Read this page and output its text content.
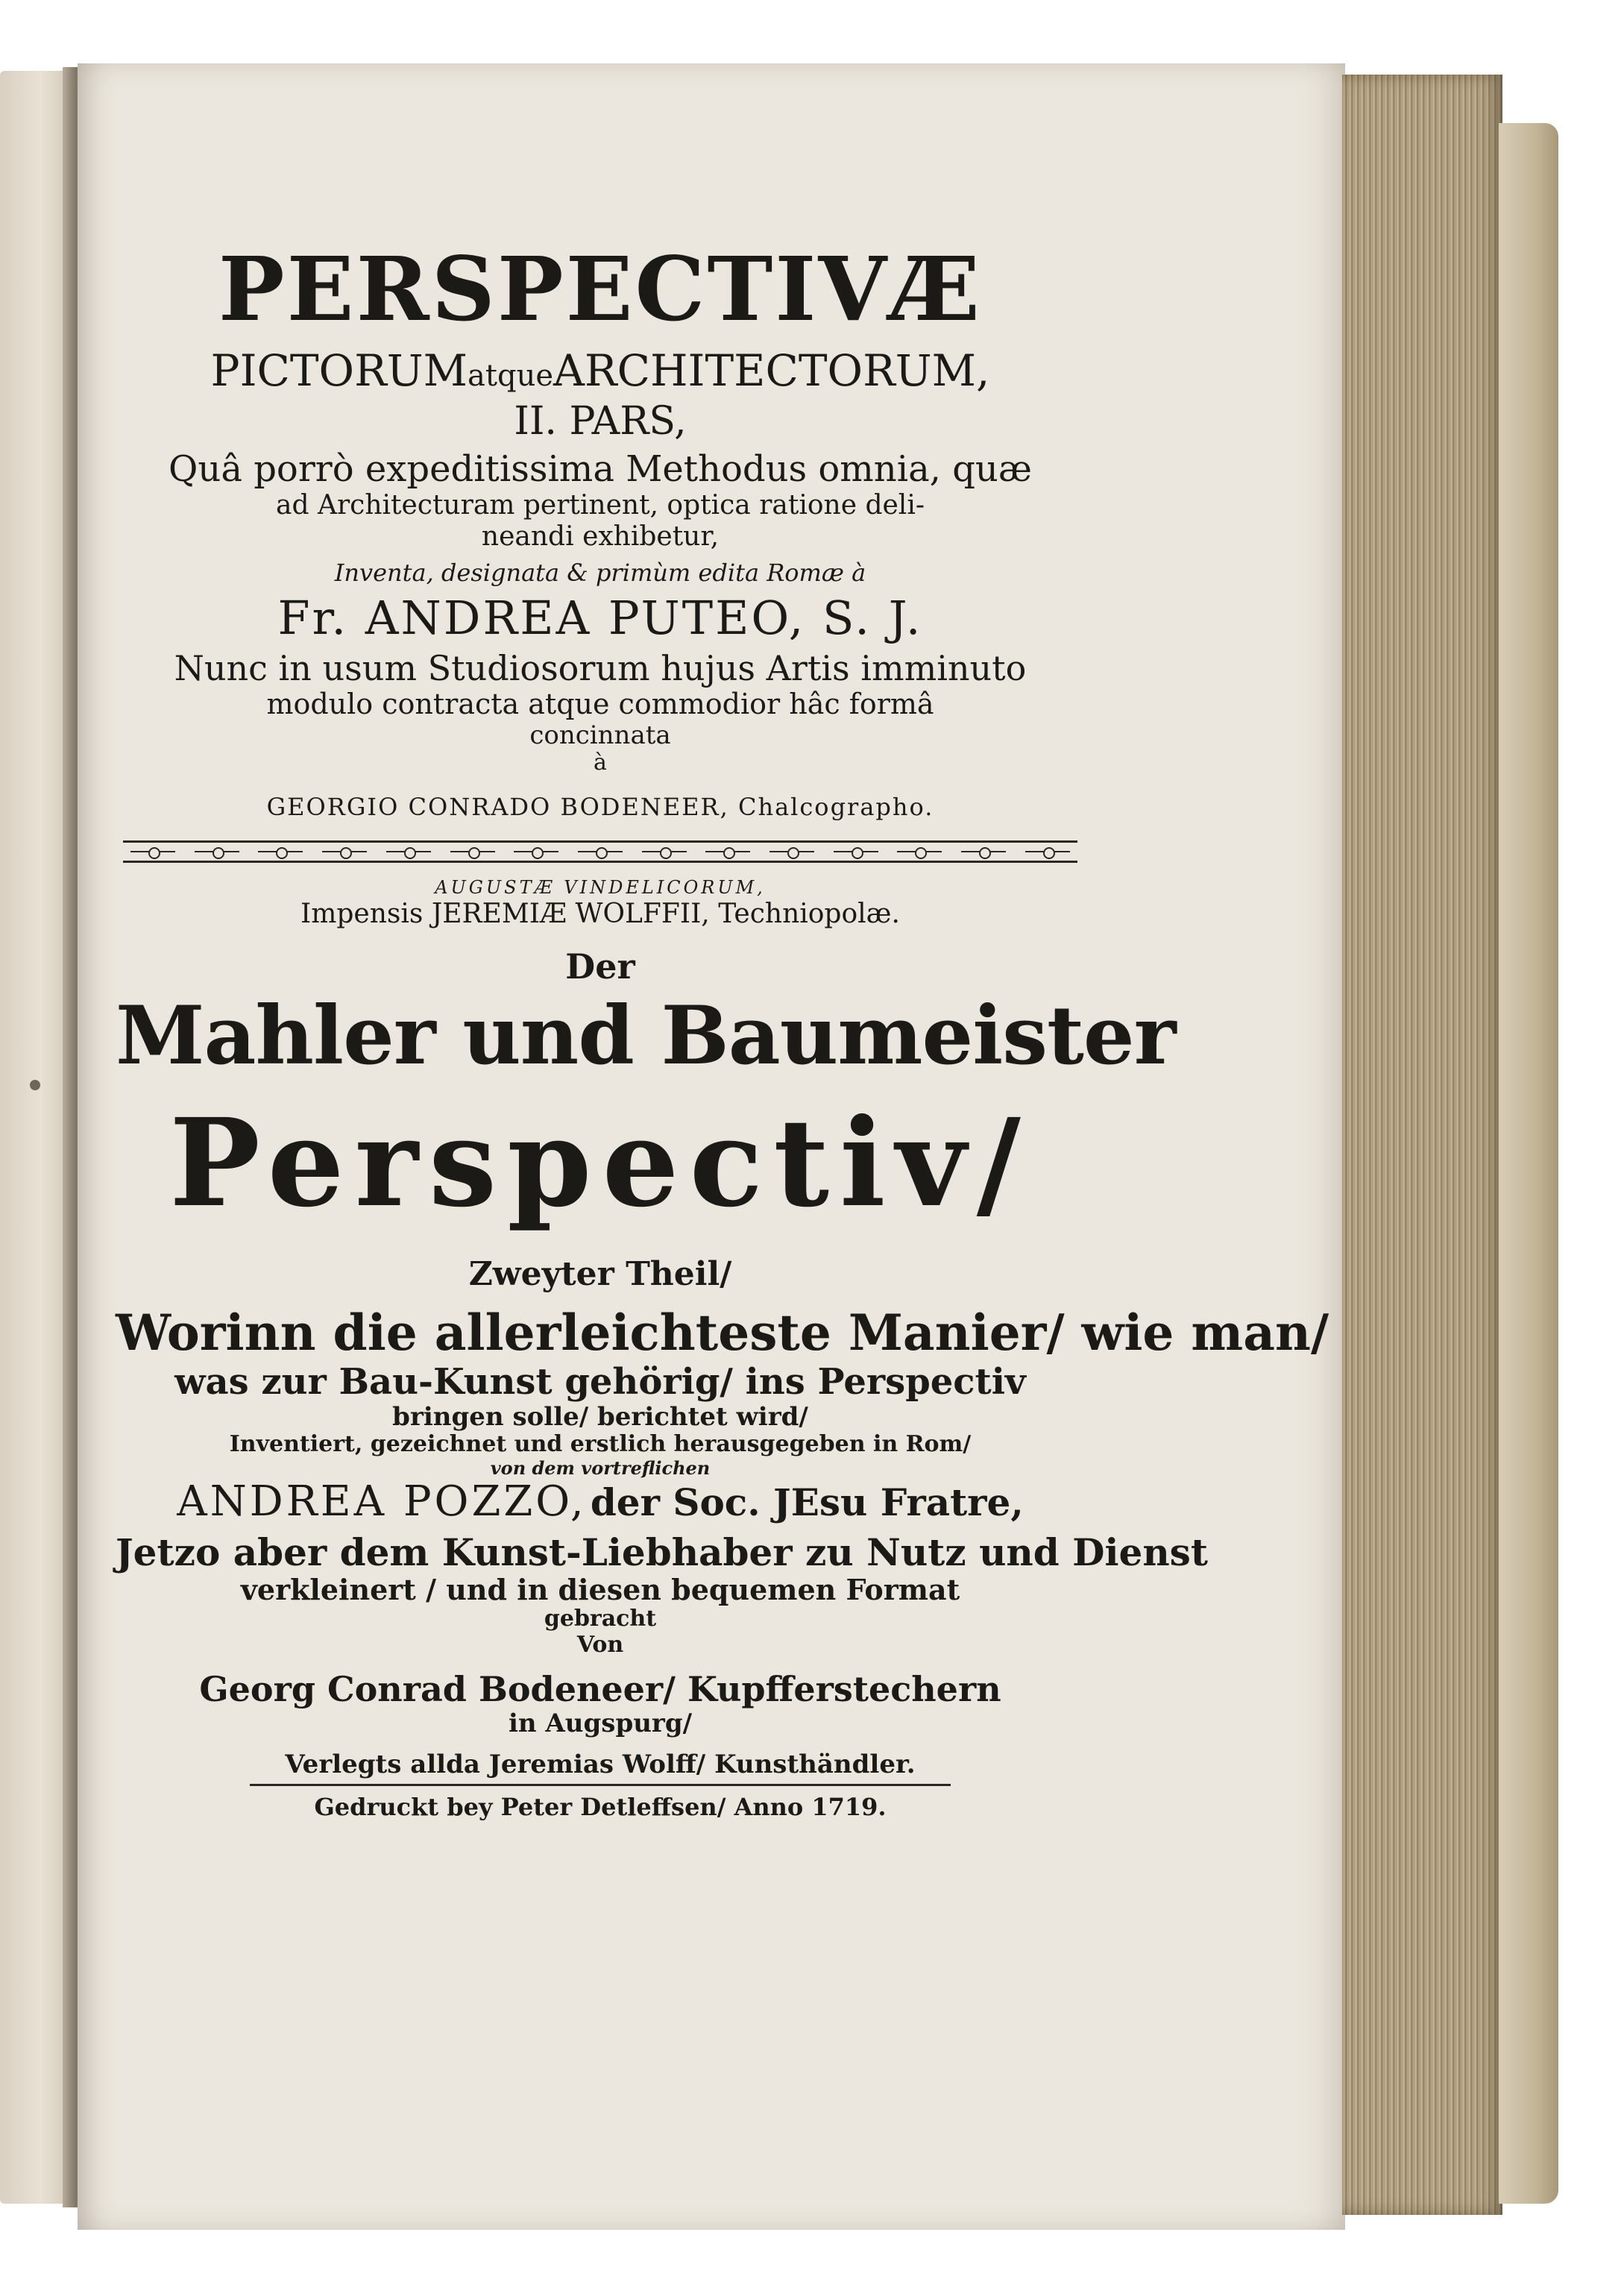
PERSPECTIVÆ
PICTORUMatqueARCHITECTORUM,
II. PARS,
Quâ porrò expeditissima Methodus omnia, quæ
ad Architecturam pertinent, optica ratione deli-
neandi exhibetur,
Inventa, designata & primùm edita Romæ à
Fr. ANDREA PUTEO, S. J.
Nunc in usum Studiosorum hujus Artis imminuto
modulo contracta atque commodior hâc formâ
concinnata
à
GEORGIO CONRADO BODENEER, Chalcographo.
AUGUSTÆ VINDELICORUM,
Impensis JEREMIÆ WOLFFII, Techniopolæ.
Der
Mahler und Baumeister
Perspectiv/
Zweyter Theil/
Worinn die allerleichteste Manier/ wie man/
was zur Bau-Kunst gehörig/ ins Perspectiv
bringen solle/ berichtet wird/
Inventiert, gezeichnet und erstlich herausgegeben in Rom/
von dem vortreflichen
ANDREA POZZO, der Soc. JEsu Fratre,
Jetzo aber dem Kunst-Liebhaber zu Nutz und Dienst
verkleinert / und in diesen bequemen Format
gebracht
Von
Georg Conrad Bodeneer/ Kupfferstechern
in Augspurg/
Verlegts allda Jeremias Wolff/ Kunsthändler.
Gedruckt bey Peter Detleffsen/ Anno 1719.
